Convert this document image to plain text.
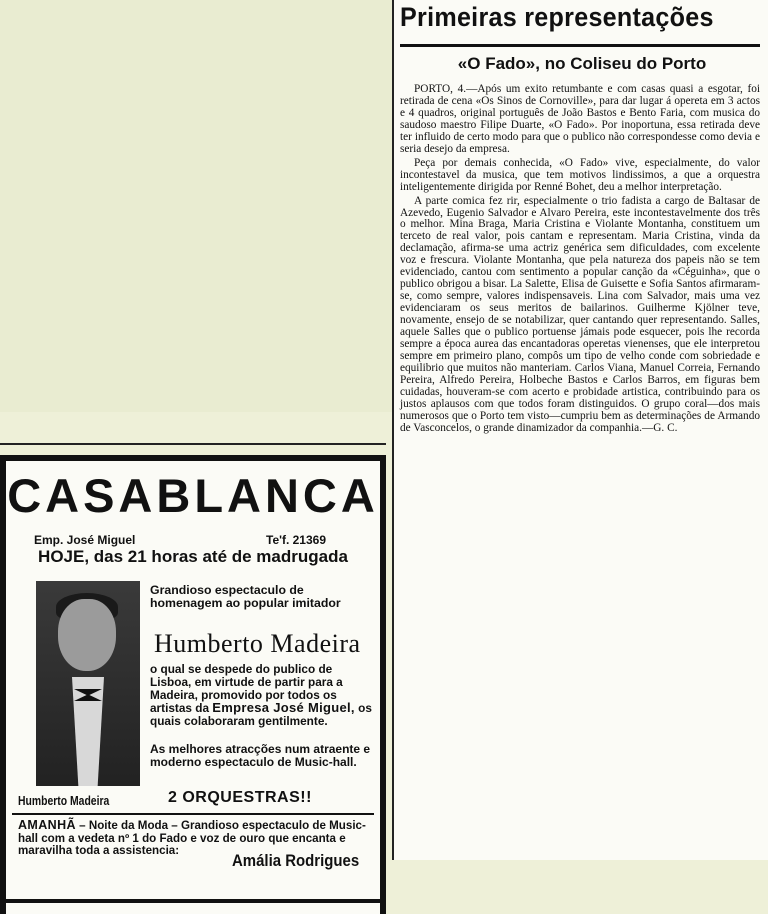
Primeiras representações
«O Fado», no Coliseu do Porto

PORTO, 4.—Após um exito retumbante e com casas quasi a esgotar, foi retirada de cena «Os Sinos de Cornoville», para dar lugar á opereta em 3 actos e 4 quadros, original português de João Bastos e Bento Faria, com musica do saudoso maestro Filipe Duarte, «O Fado». Por inoportuna, essa retirada deve ter influido de certo modo para que o publico não correspondesse como devia e seria desejo da empresa.

Peça por demais conhecida, «O Fado» vive, especialmente, do valor incontestavel da musica, que tem motivos lindissimos, a que a orquestra inteligentemente dirigida por Renné Bohet, deu a melhor interpretação.

A parte comica fez rir, especialmente o trio fadista a cargo de Baltasar de Azevedo, Eugenio Salvador e Alvaro Pereira, este incontestavelmente dos três o melhor. Mina Braga, Maria Cristina e Violante Montanha, constituem um terceto de real valor, pois cantam e representam. Maria Cristina, vinda da declamação, afirma-se uma actriz genérica sem dificuldades, com excelente voz e frescura. Violante Montanha, que pela natureza dos papeis não se tem evidenciado, cantou com sentimento a popular canção da «Céguinha», que o publico obrigou a bisar. La Salette, Elisa de Guisette e Sofia Santos afirmaram-se, como sempre, valores indispensaveis. Lina com Salvador, mais uma vez evidenciaram os seus meritos de bailarinos. Guilherme Kjölner teve, novamente, ensejo de se notabilizar, quer cantando quer representando. Salles, aquele Salles que o publico portuense jámais pode esquecer, pois lhe recorda sempre a época aurea das encantadoras operetas vienenses, que ele interpretou sempre em primeiro plano, compôs um tipo de velho conde com sobriedade e equilibrio que muitos não manteriam. Carlos Viana, Manuel Correia, Fernando Pereira, Alfredo Pereira, Holbeche Bastos e Carlos Barros, em figuras bem cuidadas, houveram-se com acerto e probidade artistica, contribuindo para os justos aplausos com que todos foram distinguidos. O grupo coral—dos mais numerosos que o Porto tem visto—cumpriu bem as determinações de Armando de Vasconcelos, o grande dinamizador da companhia.—G. C.

CASABLANCA
Emp. José Miguel	Te'f. 21369
HOJE, das 21 horas até de madrugada
Humberto Madeira
Grandioso espectaculo de homenagem ao popular imitador
Humberto Madeira
o qual se despede do publico de Lisboa, em virtude de partir para a Madeira, promovido por todos os artistas da Empresa José Miguel, os quais colaboraram gentilmente.
As melhores atracções num atraente e moderno espectaculo de Music-hall.
2 ORQUESTRAS!!
AMANHÃ – Noite da Moda – Grandioso espectaculo de Music-hall com a vedeta nº 1 do Fado e voz de ouro que encanta e maravilha toda a assistencia:
Amália Rodrigues
